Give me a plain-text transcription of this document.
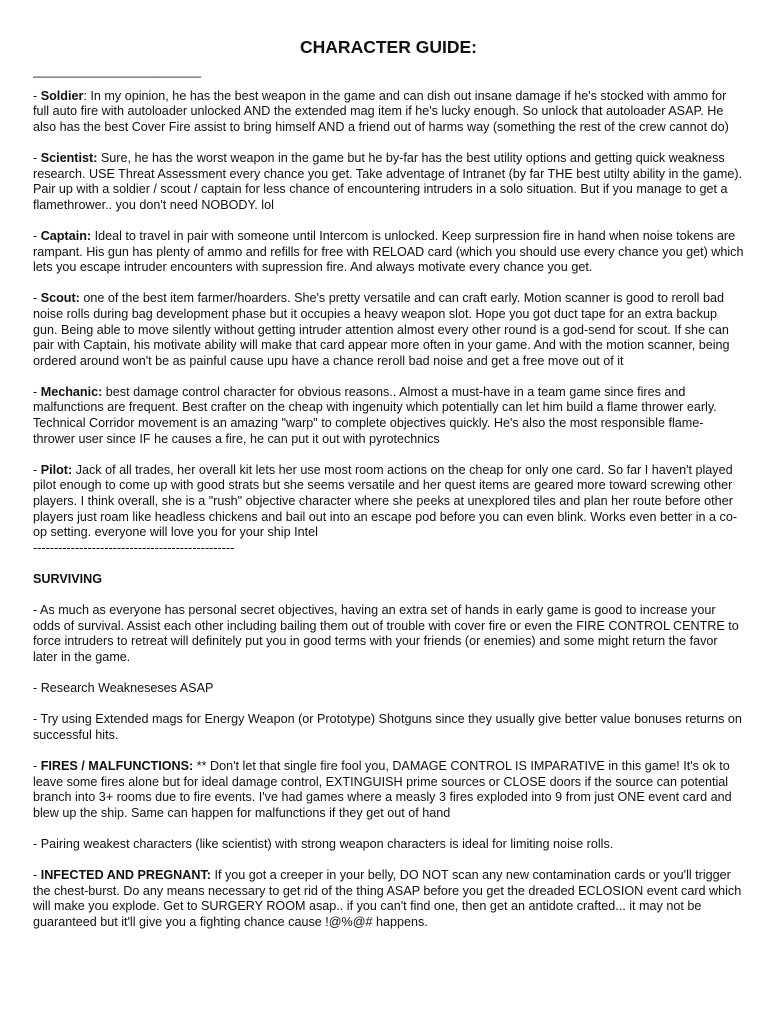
CHARACTER GUIDE:
________________________
- Soldier: In my opinion, he has the best weapon in the game and can dish out insane damage if he's stocked with ammo for full auto fire with autoloader unlocked AND the extended mag item if he's lucky enough. So unlock that autoloader ASAP. He also has the best Cover Fire assist to bring himself AND a friend out of harms way (something the rest of the crew cannot do)
- Scientist: Sure, he has the worst weapon in the game but he by-far has the best utility options and getting quick weakness research. USE Threat Assessment every chance you get. Take adventage of Intranet (by far THE best utilty ability in the game). Pair up with a soldier / scout / captain for less chance of encountering intruders in a solo situation. But if you manage to get a flamethrower.. you don't need NOBODY. lol
- Captain: Ideal to travel in pair with someone until Intercom is unlocked. Keep surpression fire in hand when noise tokens are rampant. His gun has plenty of ammo and refills for free with RELOAD card (which you should use every chance you get) which lets you escape intruder encounters with supression fire. And always motivate every chance you get.
- Scout: one of the best item farmer/hoarders. She's pretty versatile and can craft early. Motion scanner is good to reroll bad noise rolls during bag development phase but it occupies a heavy weapon slot. Hope you got duct tape for an extra backup gun. Being able to move silently without getting intruder attention almost every other round is a god-send for scout. If she can pair with Captain, his motivate ability will make that card appear more often in your game. And with the motion scanner, being ordered around won't be as painful cause upu have a chance reroll bad noise and get a free move out of it
- Mechanic: best damage control character for obvious reasons.. Almost a must-have in a team game since fires and malfunctions are frequent. Best crafter on the cheap with ingenuity which potentially can let him build a flame thrower early. Technical Corridor movement is an amazing "warp" to complete objectives quickly. He's also the most responsible flame-thrower user since IF he causes a fire, he can put it out with pyrotechnics
- Pilot: Jack of all trades, her overall kit lets her use most room actions on the cheap for only one card. So far I haven't played pilot enough to come up with good strats but she seems versatile and her quest items are geared more toward screwing other players. I think overall, she is a "rush" objective character where she peeks at unexplored tiles and plan her route before other players just roam like headless chickens and bail out into an escape pod before you can even blink. Works even better in a co-op setting. everyone will love you for your ship Intel
------------------------------------------------
SURVIVING
- As much as everyone has personal secret objectives, having an extra set of hands in early game is good to increase your odds of survival. Assist each other including bailing them out of trouble with cover fire or even the FIRE CONTROL CENTRE to force intruders to retreat will definitely put you in good terms with your friends (or enemies) and some might return the favor later in the game.
- Research Weakneseses ASAP
- Try using Extended mags for Energy Weapon (or Prototype) Shotguns since they usually give better value bonuses returns on successful hits.
- FIRES / MALFUNCTIONS: ** Don't let that single fire fool you, DAMAGE CONTROL IS IMPARATIVE in this game! It's ok to leave some fires alone but for ideal damage control, EXTINGUISH prime sources or CLOSE doors if the source can potential branch into 3+ rooms due to fire events. I've had games where a measly 3 fires exploded into 9 from just ONE event card and blew up the ship. Same can happen for malfunctions if they get out of hand
- Pairing weakest characters (like scientist) with strong weapon characters is ideal for limiting noise rolls.
- INFECTED AND PREGNANT: If you got a creeper in your belly, DO NOT scan any new contamination cards or you'll trigger the chest-burst. Do any means necessary to get rid of the thing ASAP before you get the dreaded ECLOSION event card which will make you explode. Get to SURGERY ROOM asap.. if you can't find one, then get an antidote crafted... it may not be guaranteed but it'll give you a fighting chance cause !@%@# happens.
